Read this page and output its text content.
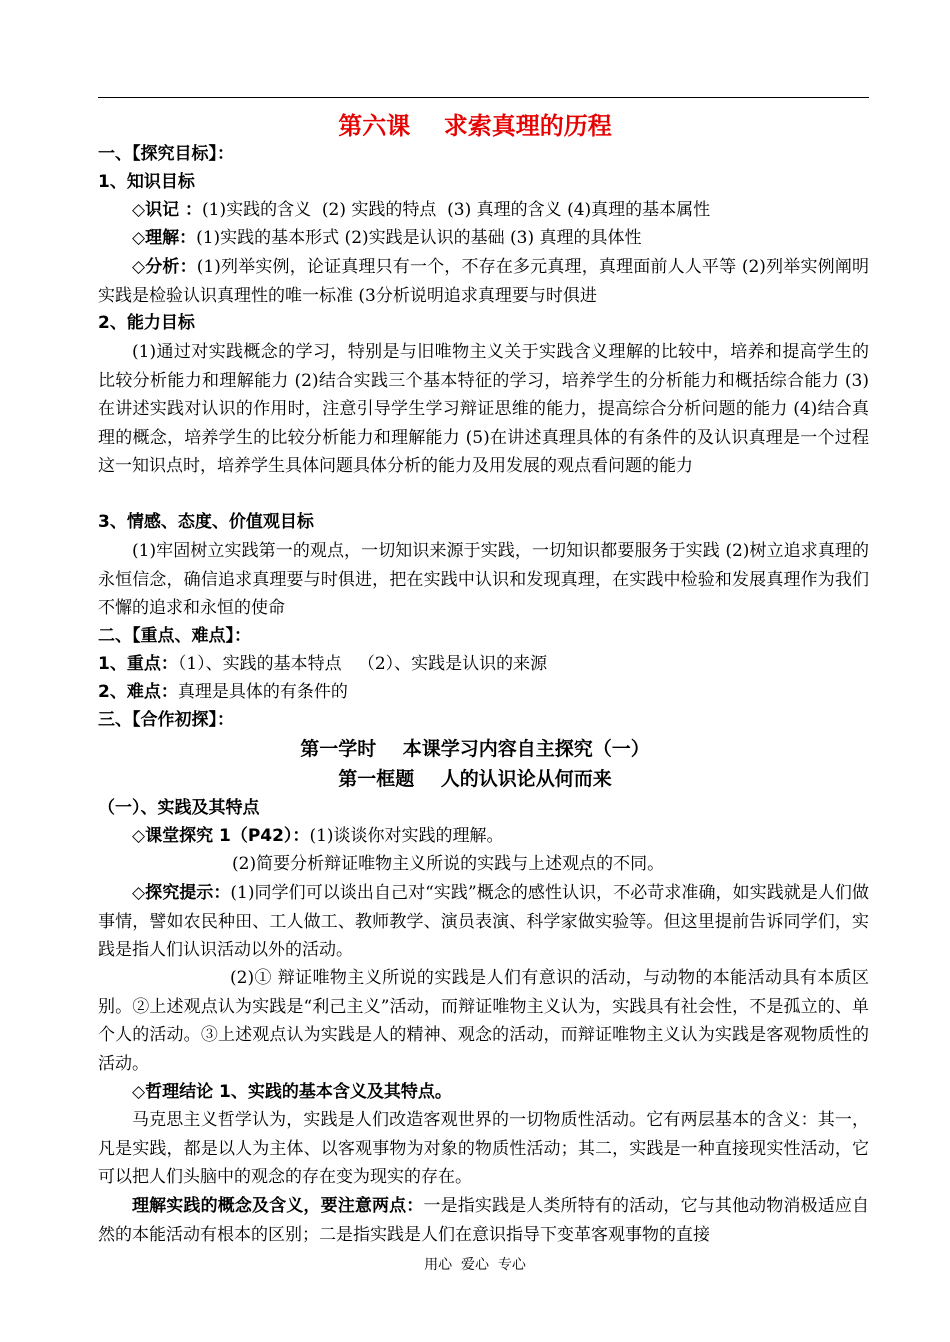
第六课    求索真理的历程
一、【探究目标】：
1、知识目标
◇识记 ：(1)实践的含义  (2) 实践的特点  (3) 真理的含义 (4)真理的基本属性
◇理解：(1)实践的基本形式 (2)实践是认识的基础 (3) 真理的具体性
◇分析：(1)列举实例，论证真理只有一个，不存在多元真理，真理面前人人平等 (2)列举实例阐明实践是检验认识真理性的唯一标准 (3分析说明追求真理要与时俱进
2、能力目标
(1)通过对实践概念的学习，特别是与旧唯物主义关于实践含义理解的比较中，培养和提高学生的比较分析能力和理解能力 (2)结合实践三个基本特征的学习，培养学生的分析能力和概括综合能力 (3)在讲述实践对认识的作用时，注意引导学生学习辩证思维的能力，提高综合分析问题的能力 (4)结合真理的概念，培养学生的比较分析能力和理解能力 (5)在讲述真理具体的有条件的及认识真理是一个过程这一知识点时，培养学生具体问题具体分析的能力及用发展的观点看问题的能力
3、情感、态度、价值观目标
(1)牢固树立实践第一的观点，一切知识来源于实践，一切知识都要服务于实践 (2)树立追求真理的永恒信念，确信追求真理要与时俱进，把在实践中认识和发现真理，在实践中检验和发展真理作为我们不懈的追求和永恒的使命
二、【重点、难点】：
1、重点：（1）、实践的基本特点   （2）、实践是认识的来源
2、难点：真理是具体的有条件的
三、【合作初探】：
第一学时    本课学习内容自主探究（一）
第一框题    人的认识论从何而来
（一）、实践及其特点
◇课堂探究 1（P42）：(1)谈谈你对实践的理解。
(2)简要分析辩证唯物主义所说的实践与上述观点的不同。
◇探究提示：(1)同学们可以谈出自己对“实践”概念的感性认识，不必苛求准确，如实践就是人们做事情，譬如农民种田、工人做工、教师教学、演员表演、科学家做实验等。但这里提前告诉同学们，实践是指人们认识活动以外的活动。
(2)① 辩证唯物主义所说的实践是人们有意识的活动，与动物的本能活动具有本质区别。②上述观点认为实践是“利己主义”活动，而辩证唯物主义认为，实践具有社会性，不是孤立的、单个人的活动。③上述观点认为实践是人的精神、观念的活动，而辩证唯物主义认为实践是客观物质性的活动。
◇哲理结论 1、实践的基本含义及其特点。
马克思主义哲学认为，实践是人们改造客观世界的一切物质性活动。它有两层基本的含义：其一，凡是实践，都是以人为主体、以客观事物为对象的物质性活动；其二，实践是一种直接现实性活动，它可以把人们头脑中的观念的存在变为现实的存在。
理解实践的概念及含义，要注意两点：一是指实践是人类所特有的活动，它与其他动物消极适应自然的本能活动有根本的区别；二是指实践是人们在意识指导下变革客观事物的直接
用心  爱心  专心
